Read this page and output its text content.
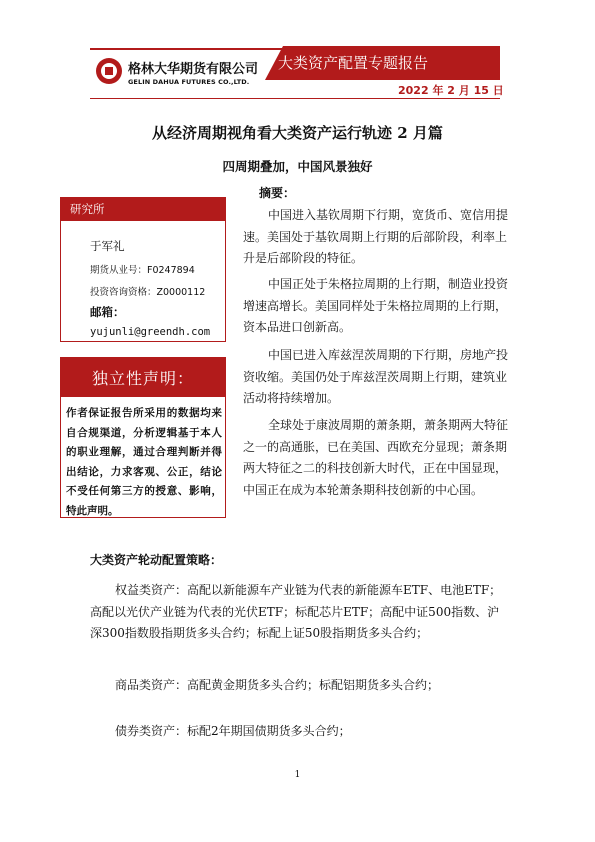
格林大华期货有限公司
GELIN DAHUA FUTURES CO.,LTD.
大类资产配置专题报告
2022 年 2 月 15 日
从经济周期视角看大类资产运行轨迹 2 月篇
四周期叠加，中国风景独好
研究所
于军礼
期货从业号：F0247894
投资咨询资格：Z0000112
邮箱：
yujunli@greendh.com
独立性声明：
作者保证报告所采用的数据均来自合规渠道，分析逻辑基于本人的职业理解，通过合理判断并得出结论，力求客观、公正，结论不受任何第三方的授意、影响，特此声明。
摘要：
中国进入基钦周期下行期，宽货币、宽信用提速。美国处于基钦周期上行期的后部阶段，利率上升是后部阶段的特征。
中国正处于朱格拉周期的上行期，制造业投资增速高增长。美国同样处于朱格拉周期的上行期，资本品进口创新高。
中国已进入库兹涅茨周期的下行期，房地产投资收缩。美国仍处于库兹涅茨周期上行期，建筑业活动将持续增加。
全球处于康波周期的萧条期，萧条期两大特征之一的高通胀，已在美国、西欧充分显现；萧条期两大特征之二的科技创新大时代，正在中国显现，中国正在成为本轮萧条期科技创新的中心国。
大类资产轮动配置策略：
权益类资产：高配以新能源车产业链为代表的新能源车ETF、电池ETF；高配以光伏产业链为代表的光伏ETF；标配芯片ETF；高配中证500指数、沪深300指数股指期货多头合约；标配上证50股指期货多头合约；
商品类资产：高配黄金期货多头合约；标配铝期货多头合约；
债券类资产：标配2年期国债期货多头合约；
1
